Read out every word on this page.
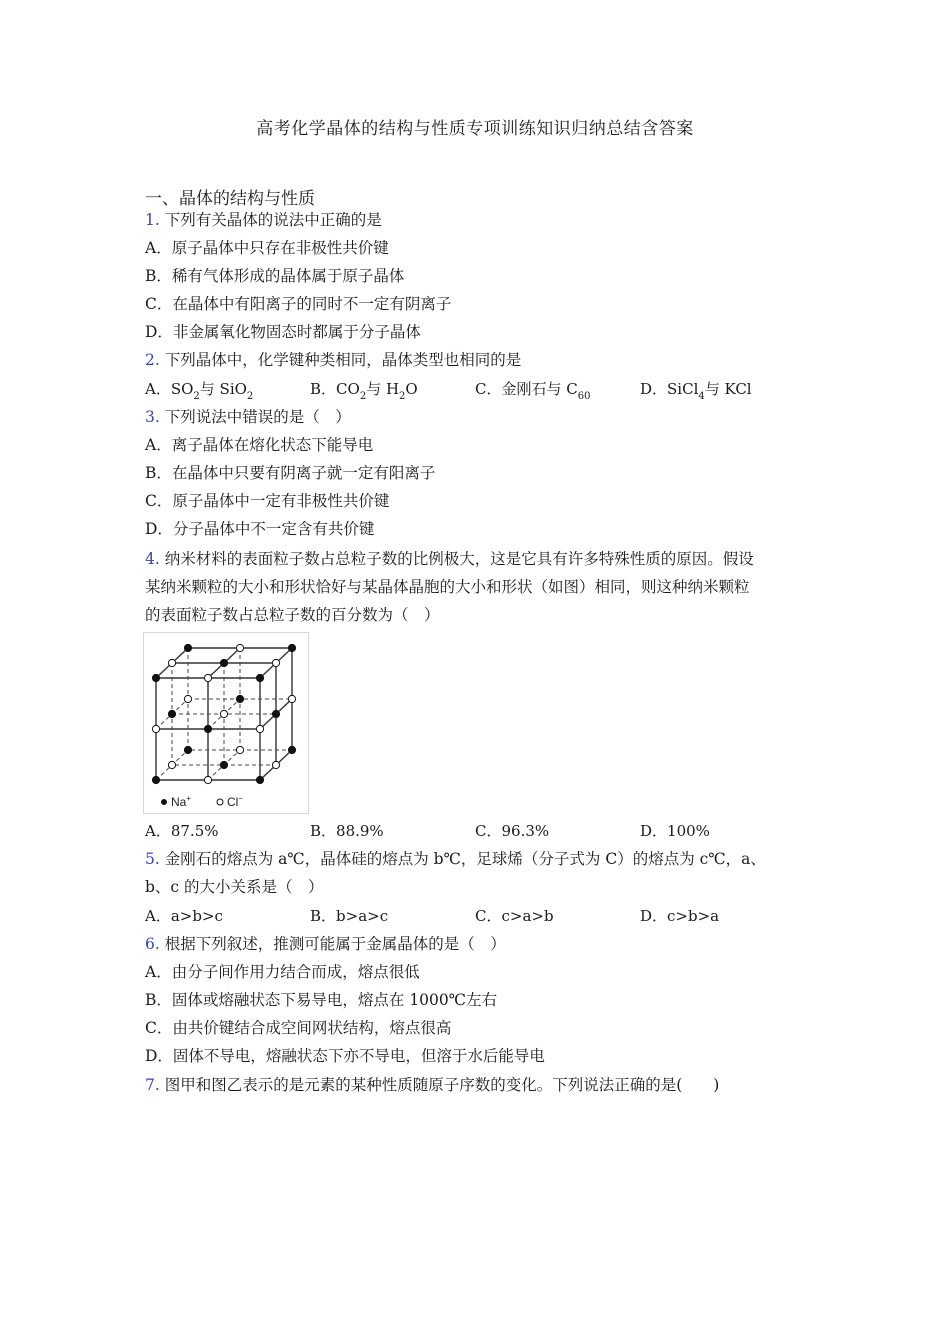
高考化学晶体的结构与性质专项训练知识归纳总结含答案
一、晶体的结构与性质
1. 下列有关晶体的说法中正确的是
A．原子晶体中只存在非极性共价键
B．稀有气体形成的晶体属于原子晶体
C．在晶体中有阳离子的同时不一定有阴离子
D．非金属氧化物固态时都属于分子晶体
2. 下列晶体中，化学键种类相同，晶体类型也相同的是
A．$SO_2$与 SiO$_2$	B．$CO_2$与 $H_2O$	C．金刚石与 $C_{60}$	D．SiCl$_4$与 KCl
3. 下列说法中错误的是（　）
A．离子晶体在熔化状态下能导电
B．在晶体中只要有阴离子就一定有阳离子
C．原子晶体中一定有非极性共价键
D．分子晶体中不一定含有共价键
4. 纳米材料的表面粒子数占总粒子数的比例极大，这是它具有许多特殊性质的原因。假设
某纳米颗粒的大小和形状恰好与某晶体晶胞的大小和形状（如图）相同，则这种纳米颗粒
的表面粒子数占总粒子数的百分数为（　）
Na+	Cl−
A．87.5%	B．88.9%	C．96.3%	D．100%
5. 金刚石的熔点为 a℃，晶体硅的熔点为 b℃，足球烯（分子式为 C）的熔点为 c℃，a、
b、c 的大小关系是（　）
A．a>b>c	B．b>a>c	C．c>a>b	D．c>b>a
6. 根据下列叙述，推测可能属于金属晶体的是（　）
A．由分子间作用力结合而成，熔点很低
B．固体或熔融状态下易导电，熔点在 1000℃左右
C．由共价键结合成空间网状结构，熔点很高
D．固体不导电，熔融状态下亦不导电，但溶于水后能导电
7. 图甲和图乙表示的是元素的某种性质随原子序数的变化。下列说法正确的是(　　)
